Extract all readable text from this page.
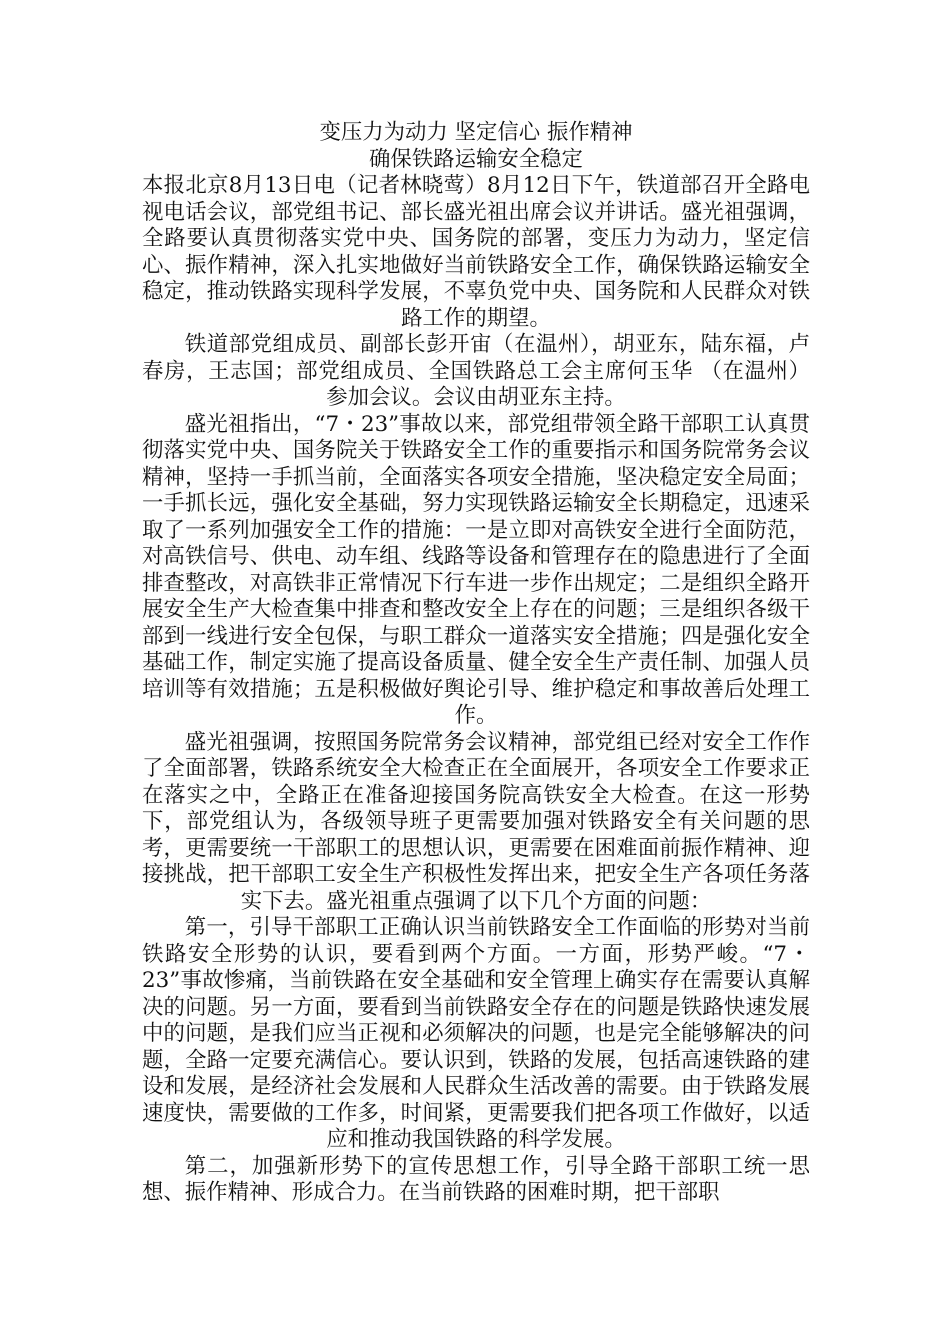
变压力为动力 坚定信心 振作精神
确保铁路运输安全稳定

本报北京8月13日电（记者林晓莺）8月12日下午，铁道部召开全路电视电话会议，部党组书记、部长盛光祖出席会议并讲话。盛光祖强调，全路要认真贯彻落实党中央、国务院的部署，变压力为动力，坚定信心、振作精神，深入扎实地做好当前铁路安全工作，确保铁路运输安全稳定，推动铁路实现科学发展，不辜负党中央、国务院和人民群众对铁路工作的期望。

铁道部党组成员、副部长彭开宙（在温州），胡亚东，陆东福，卢春房，王志国；部党组成员、全国铁路总工会主席何玉华 （在温州）参加会议。会议由胡亚东主持。

盛光祖指出，“7・23”事故以来，部党组带领全路干部职工认真贯彻落实党中央、国务院关于铁路安全工作的重要指示和国务院常务会议精神，坚持一手抓当前，全面落实各项安全措施，坚决稳定安全局面；一手抓长远，强化安全基础，努力实现铁路运输安全长期稳定，迅速采取了一系列加强安全工作的措施：一是立即对高铁安全进行全面防范，对高铁信号、供电、动车组、线路等设备和管理存在的隐患进行了全面排查整改，对高铁非正常情况下行车进一步作出规定；二是组织全路开展安全生产大检查集中排查和整改安全上存在的问题；三是组织各级干部到一线进行安全包保，与职工群众一道落实安全措施；四是强化安全基础工作，制定实施了提高设备质量、健全安全生产责任制、加强人员培训等有效措施；五是积极做好舆论引导、维护稳定和事故善后处理工作。

盛光祖强调，按照国务院常务会议精神，部党组已经对安全工作作了全面部署，铁路系统安全大检查正在全面展开，各项安全工作要求正在落实之中，全路正在准备迎接国务院高铁安全大检查。在这一形势下，部党组认为，各级领导班子更需要加强对铁路安全有关问题的思考，更需要统一干部职工的思想认识，更需要在困难面前振作精神、迎接挑战，把干部职工安全生产积极性发挥出来，把安全生产各项任务落实下去。盛光祖重点强调了以下几个方面的问题：

第一，引导干部职工正确认识当前铁路安全工作面临的形势对当前铁路安全形势的认识，要看到两个方面。一方面，形势严峻。“7・23”事故惨痛，当前铁路在安全基础和安全管理上确实存在需要认真解决的问题。另一方面，要看到当前铁路安全存在的问题是铁路快速发展中的问题，是我们应当正视和必须解决的问题，也是完全能够解决的问题，全路一定要充满信心。要认识到，铁路的发展，包括高速铁路的建设和发展，是经济社会发展和人民群众生活改善的需要。由于铁路发展速度快，需要做的工作多，时间紧，更需要我们把各项工作做好，以适应和推动我国铁路的科学发展。

第二，加强新形势下的宣传思想工作，引导全路干部职工统一思想、振作精神、形成合力。在当前铁路的困难时期，把干部职
